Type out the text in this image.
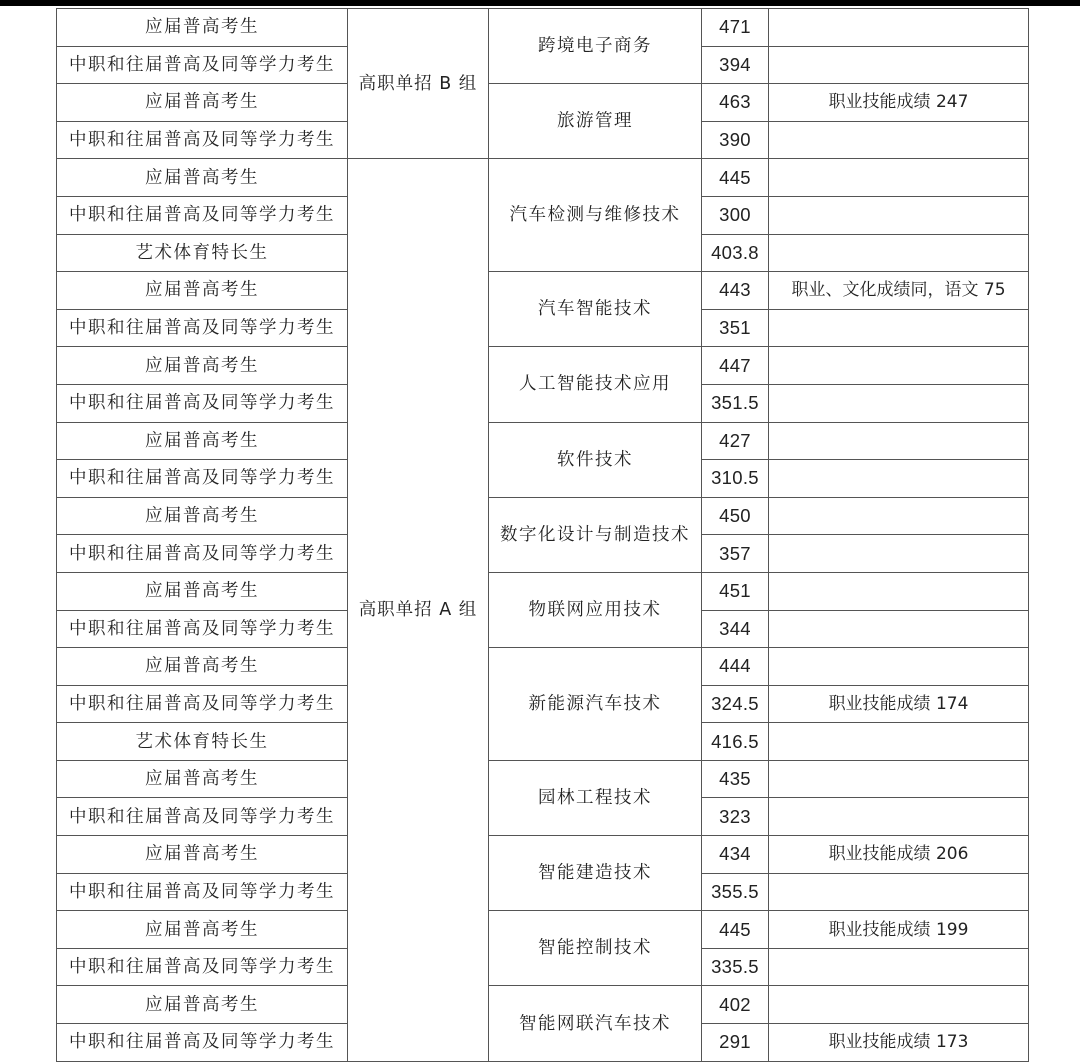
应届普高考生	高职单招 B 组	跨境电子商务	471	
中职和往届普高及同等学力考生			394	
应届普高考生		旅游管理	463	职业技能成绩 247
中职和往届普高及同等学力考生			390	
应届普高考生	高职单招 A 组	汽车检测与维修技术	445	
中职和往届普高及同等学力考生			300	
艺术体育特长生			403.8	
应届普高考生		汽车智能技术	443	职业、文化成绩同，语文 75
中职和往届普高及同等学力考生			351	
应届普高考生		人工智能技术应用	447	
中职和往届普高及同等学力考生			351.5	
应届普高考生		软件技术	427	
中职和往届普高及同等学力考生			310.5	
应届普高考生		数字化设计与制造技术	450	
中职和往届普高及同等学力考生			357	
应届普高考生		物联网应用技术	451	
中职和往届普高及同等学力考生			344	
应届普高考生		新能源汽车技术	444	
中职和往届普高及同等学力考生			324.5	职业技能成绩 174
艺术体育特长生			416.5	
应届普高考生		园林工程技术	435	
中职和往届普高及同等学力考生			323	
应届普高考生		智能建造技术	434	职业技能成绩 206
中职和往届普高及同等学力考生			355.5	
应届普高考生		智能控制技术	445	职业技能成绩 199
中职和往届普高及同等学力考生			335.5	
应届普高考生		智能网联汽车技术	402	
中职和往届普高及同等学力考生			291	职业技能成绩 173
